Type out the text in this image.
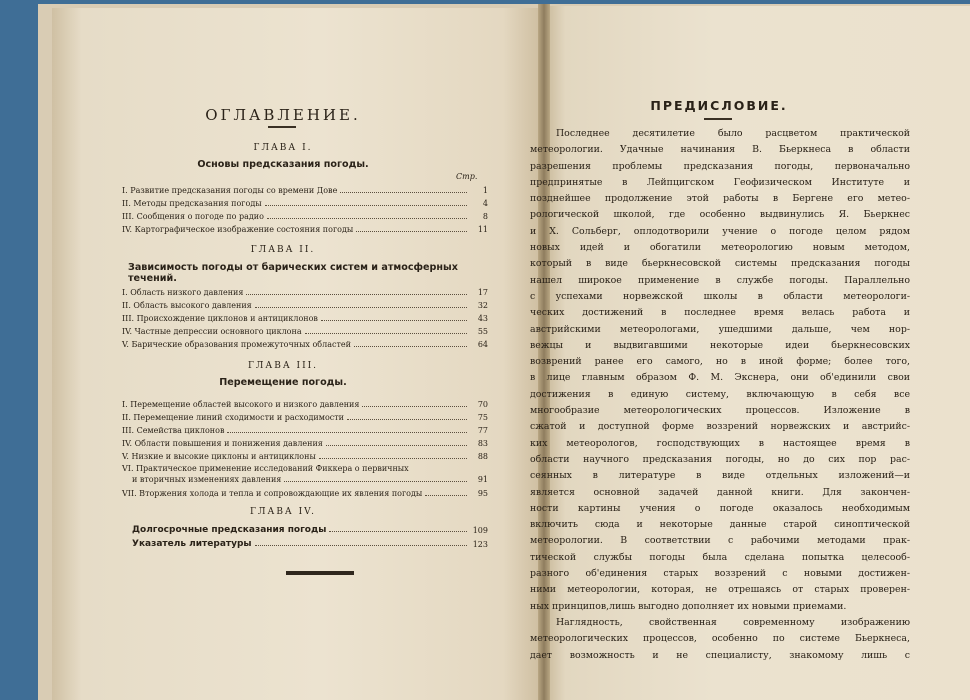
ОГЛАВЛЕНИЕ.
ГЛАВА I.
Основы предсказания погоды.
Стр.
I. Развитие предсказания погоды со времени Дове	1
II. Методы предсказания погоды	4
III. Сообщения о погоде по радио	8
IV. Картографическое изображение состояния погоды	11
ГЛАВА II.
Зависимость погоды от барических систем и атмосферных течений.
I. Область низкого давления	17
II. Область высокого давления	32
III. Происхождение циклонов и антициклонов	43
IV. Частные депрессии основного циклона	55
V. Барические образования промежуточных областей	64
ГЛАВА III.
Перемещение погоды.
I. Перемещение областей высокого и низкого давления	70
II. Перемещение линий сходимости и расходимости	75
III. Семейства циклонов	77
IV. Области повышения и понижения давления	83
V. Низкие и высокие циклоны и антициклоны	88
VI. Практическое применение исследований Фиккера о первичных
и вторичных изменениях давления	91
VII. Вторжения холода и тепла и сопровождающие их явления погоды	95
ГЛАВА IV.
Долгосрочные предсказания погоды	109
Указатель литературы	123
ПРЕДИСЛОВИЕ.
Последнее десятилетие было расцветом практической
метеорологии. Удачные начинания В. Бьеркнеса в области
разрешения проблемы предсказания погоды, первоначально
предпринятые в Лейпцигском Геофизическом Институте и
позднейшее продолжение этой работы в Бергене его метео-
рологической школой, где особенно выдвинулись Я. Бьеркнес
и Х. Сольберг, оплодотворили учение о погоде целом рядом
новых идей и обогатили метеорологию новым методом,
который в виде бьеркнесовской системы предсказания погоды
нашел широкое применение в службе погоды. Параллельно
с успехами норвежской школы в области метеорологи-
ческих достижений в последнее время велась работа и
австрийскими метеорологами, ушедшими дальше, чем нор-
вежцы и выдвигавшими некоторые идеи бьеркнесовских
возврений ранее его самого, но в иной форме; более того,
в лице главным образом Ф. М. Экснера, они об'единили свои
достижения в единую систему, включающую в себя все
многообразие метеорологических процессов. Изложение в
сжатой и доступной форме воззрений норвежских и австрийс-
ких метеорологов, господствующих в настоящее время в
области научного предсказания погоды, но до сих пор рас-
сеянных в литературе в виде отдельных изложений—и
является основной задачей данной книги. Для закончен-
ности картины учения о погоде оказалось необходимым
включить сюда и некоторые данные старой синоптической
метеорологии. В соответствии с рабочими методами прак-
тической службы погоды была сделана попытка целесооб-
разного об'единения старых воззрений с новыми достижен-
ними метеорологии, которая, не отрешаясь от старых проверен-
ных принципов,лишь выгодно дополняет их новыми приемами.
Наглядность, свойственная современному изображению
метеорологических процессов, особенно по системе Бьеркнеса,
дает возможность и не специалисту, знакомому лишь с
